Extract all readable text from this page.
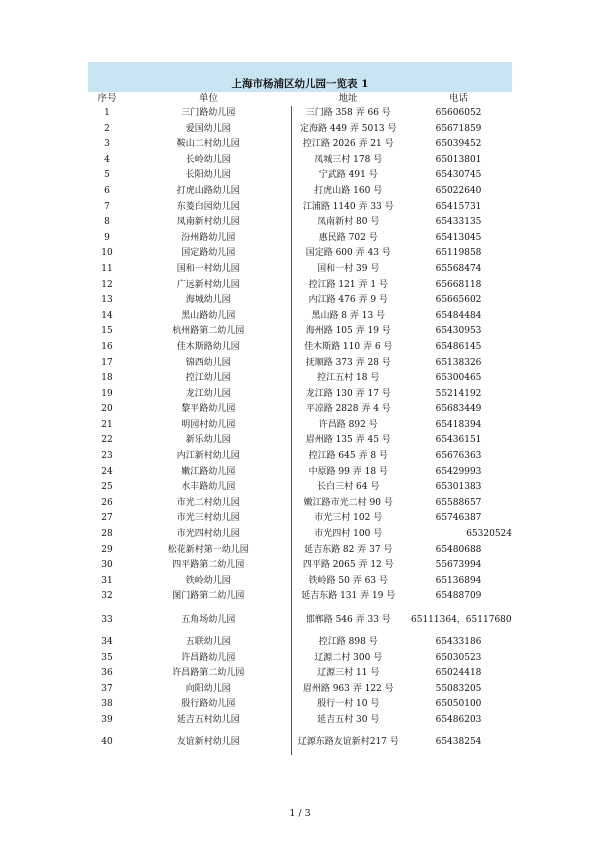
上海市杨浦区幼儿园一览表 1
序号	单位	地址	电话
1	三门路幼儿园	三门路 358 弄 66 号	65606052
2	爱国幼儿园	定海路 449 弄 5013 号	65671859
3	鞍山二村幼儿园	控江路 2026 弄 21 号	65039452
4	长岭幼儿园	凤城三村 178 号	65013801
5	长阳幼儿园	宁武路 491 号	65430745
6	打虎山路幼儿园	打虎山路 160 号	65022640
7	东菱白园幼儿园	江浦路 1140 弄 33 号	65415731
8	凤南新村幼儿园	凤南新村 80 号	65433135
9	汾州路幼儿园	惠民路 702 号	65413045
10	国定路幼儿园	国定路 600 弄 43 号	65119858
11	国和一村幼儿园	国和一村 39 号	65568474
12	广远新村幼儿园	控江路 121 弄 1 号	65668118
13	海城幼儿园	内江路 476 弄 9 号	65665602
14	黑山路幼儿园	黑山路 8 弄 13 号	65484484
15	杭州路第二幼儿园	海州路 105 弄 19 号	65430953
16	佳木斯路幼儿园	佳木斯路 110 弄 6 号	65486145
17	锦西幼儿园	抚顺路 373 弄 28 号	65138326
18	控江幼儿园	控江五村 18 号	65300465
19	龙江幼儿园	龙江路 130 弄 17 号	55214192
20	黎平路幼儿园	平凉路 2828 弄 4 号	65683449
21	明园村幼儿园	许昌路 892 号	65418394
22	新乐幼儿园	眉州路 135 弄 45 号	65436151
23	内江新村幼儿园	控江路 645 弄 8 号	65676363
24	嫩江路幼儿园	中原路 99 弄 18 号	65429993
25	水丰路幼儿园	长白三村 64 号	65301383
26	市光二村幼儿园	嫩江路市光二村 90 号	65588657
27	市光三村幼儿园	市光三村 102 号	65746387
28	市光四村幼儿园	市光四村 100 号	65320524
29	松花新村第一幼儿园	延吉东路 82 弄 37 号	65480688
30	四平路第二幼儿园	四平路 2065 弄 12 号	55673994
31	铁岭幼儿园	铁岭路 50 弄 63 号	65136894
32	图门路第二幼儿园	延吉东路 131 弄 19 号	65488709
33	五角场幼儿园	邯郸路 546 弄 33 号	65111364，65117680
34	五联幼儿园	控江路 898 号	65433186
35	许昌路幼儿园	辽源二村 300 号	65030523
36	许昌路第二幼儿园	辽源三村 11 号	65024418
37	向阳幼儿园	眉州路 963 弄 122 号	55083205
38	殷行路幼儿园	殷行一村 10 号	65050100
39	延吉五村幼儿园	延吉五村 30 号	65486203
40	友谊新村幼儿园	辽源东路友谊新村217 号	65438254
1 / 3
